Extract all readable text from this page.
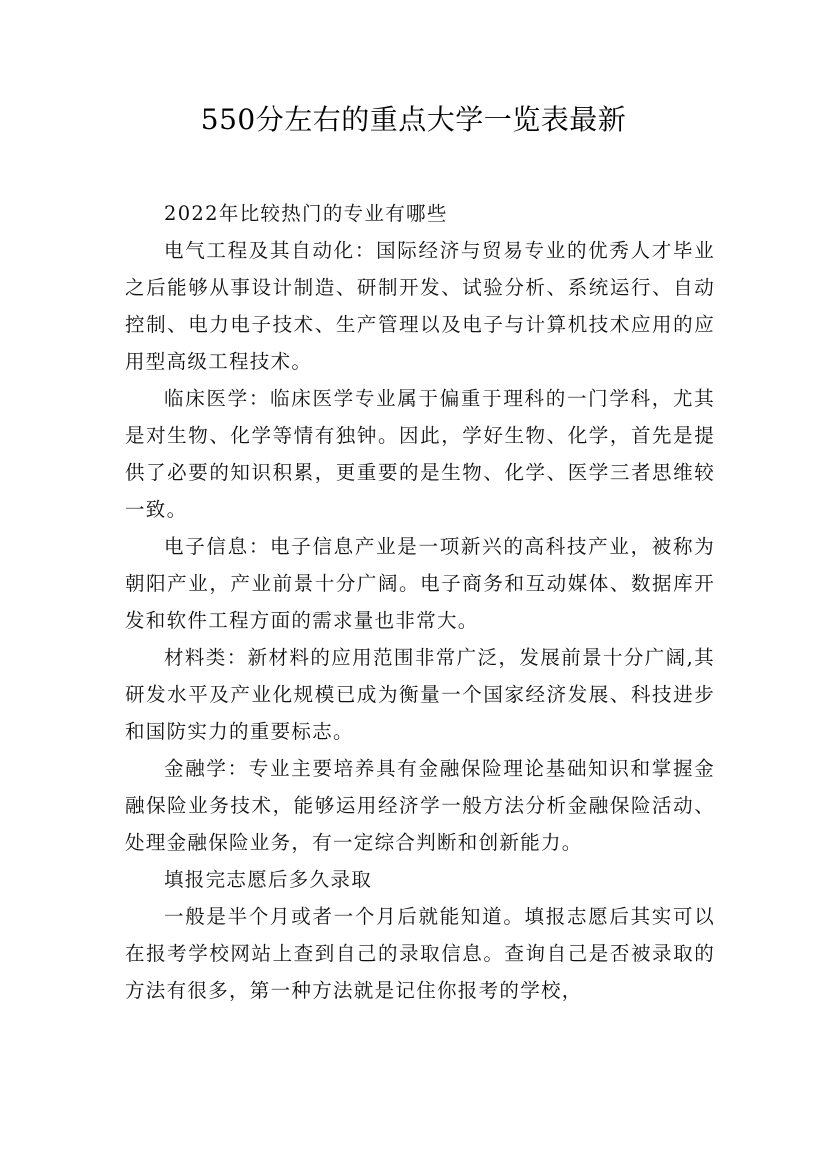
550分左右的重点大学一览表最新

2022年比较热门的专业有哪些

电气工程及其自动化：国际经济与贸易专业的优秀人才毕业之后能够从事设计制造、研制开发、试验分析、系统运行、自动控制、电力电子技术、生产管理以及电子与计算机技术应用的应用型高级工程技术。

临床医学：临床医学专业属于偏重于理科的一门学科，尤其是对生物、化学等情有独钟。因此，学好生物、化学，首先是提供了必要的知识积累，更重要的是生物、化学、医学三者思维较一致。

电子信息：电子信息产业是一项新兴的高科技产业，被称为朝阳产业，产业前景十分广阔。电子商务和互动媒体、数据库开发和软件工程方面的需求量也非常大。

材料类：新材料的应用范围非常广泛，发展前景十分广阔,其研发水平及产业化规模已成为衡量一个国家经济发展、科技进步和国防实力的重要标志。

金融学：专业主要培养具有金融保险理论基础知识和掌握金融保险业务技术，能够运用经济学一般方法分析金融保险活动、处理金融保险业务，有一定综合判断和创新能力。

填报完志愿后多久录取

一般是半个月或者一个月后就能知道。填报志愿后其实可以在报考学校网站上查到自己的录取信息。查询自己是否被录取的方法有很多，第一种方法就是记住你报考的学校，
